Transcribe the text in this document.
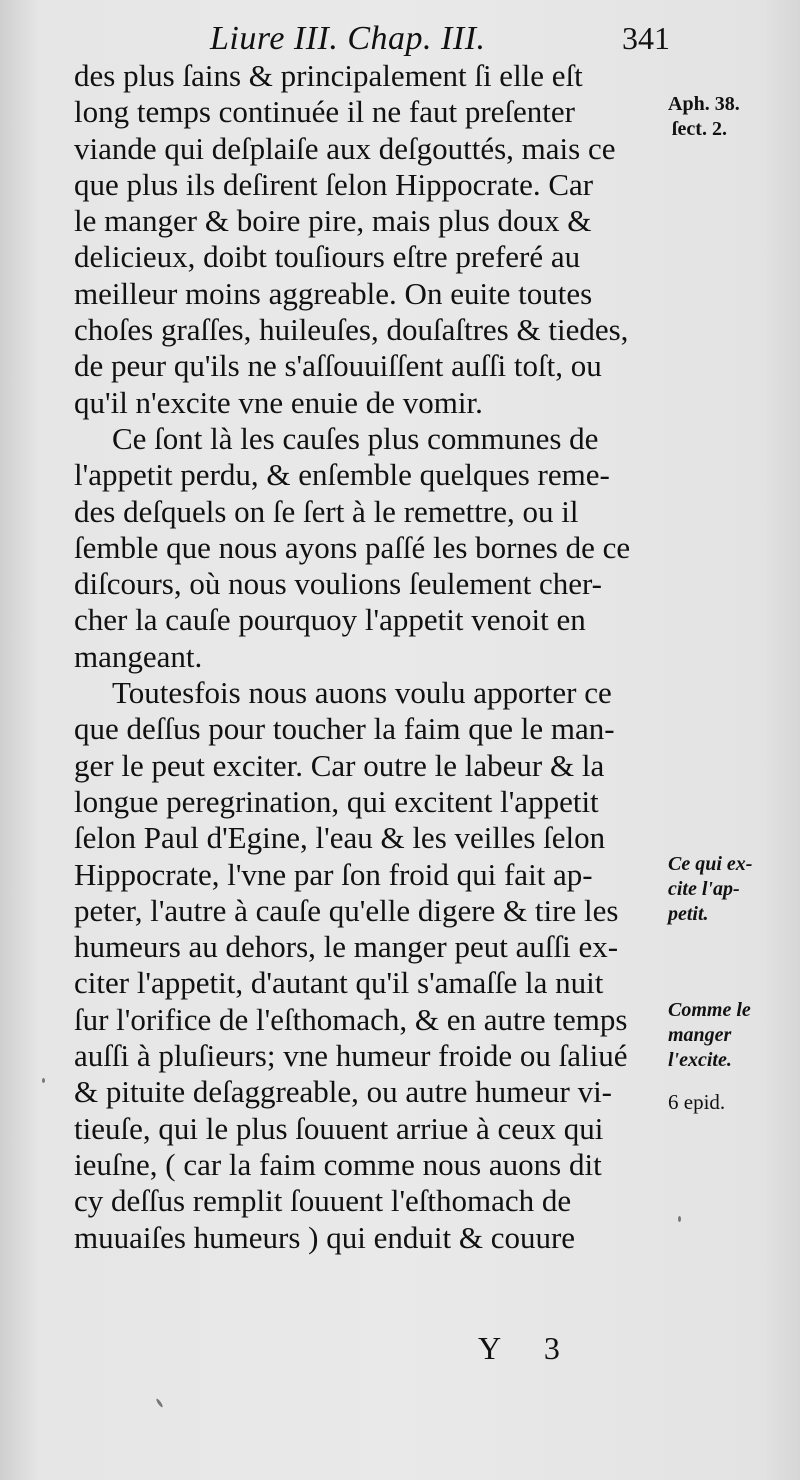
Liure III. Chap. III.	341
des plus ſains & principalement ſi elle eſt
long temps continuée il ne faut preſenter
viande qui deſplaiſe aux deſgouttés, mais ce
que plus ils deſirent ſelon Hippocrate. Car
le manger & boire pire, mais plus doux &
delicieux, doibt touſiours eſtre preferé au
meilleur moins aggreable. On euite toutes
choſes graſſes, huileuſes, douſaſtres & tiedes,
de peur qu'ils ne s'aſſouuiſſent auſſi toſt, ou
qu'il n'excite vne enuie de vomir.
Ce ſont là les cauſes plus communes de
l'appetit perdu, & enſemble quelques reme-
des deſquels on ſe ſert à le remettre, ou il
ſemble que nous ayons paſſé les bornes de ce
diſcours, où nous voulions ſeulement cher-
cher la cauſe pourquoy l'appetit venoit en
mangeant.
Toutesfois nous auons voulu apporter ce
que deſſus pour toucher la faim que le man-
ger le peut exciter. Car outre le labeur & la
longue peregrination, qui excitent l'appetit
ſelon Paul d'Egine, l'eau & les veilles ſelon
Hippocrate, l'vne par ſon froid qui fait ap-
peter, l'autre à cauſe qu'elle digere & tire les
humeurs au dehors, le manger peut auſſi ex-
citer l'appetit, d'autant qu'il s'amaſſe la nuit
ſur l'orifice de l'eſthomach, & en autre temps
auſſi à pluſieurs; vne humeur froide ou ſaliué
& pituite deſaggreable, ou autre humeur vi-
tieuſe, qui le plus ſouuent arriue à ceux qui
ieuſne, ( car la faim comme nous auons dit
cy deſſus remplit ſouuent l'eſthomach de
muuaiſes humeurs ) qui enduit & couure
Aph. 38.
ſect. 2.
Ce qui ex-
cite l'ap-
petit.
Comme le
manger
l'excite.
6 epid.
Y 3
